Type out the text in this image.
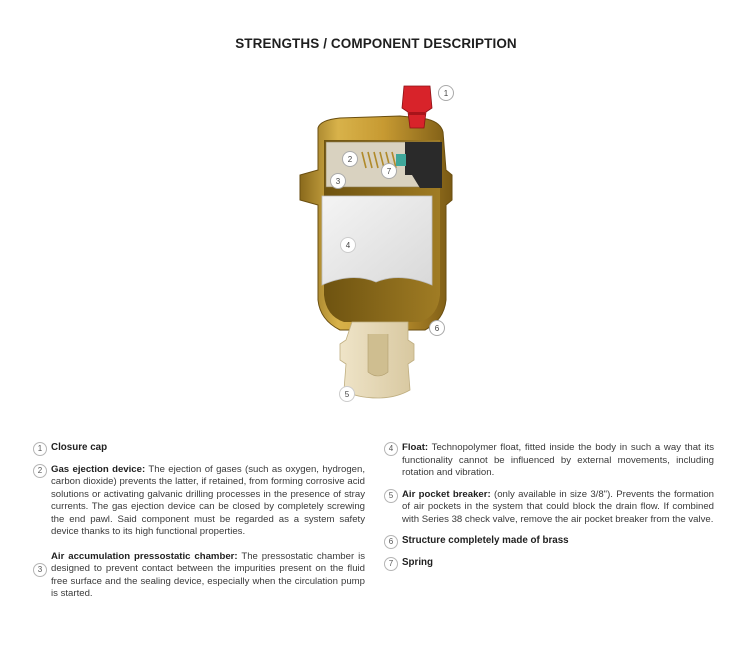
STRENGTHS / COMPONENT DESCRIPTION
1
2
3
4
5
6
7
1 Closure cap
2 Gas ejection device: The ejection of gases (such as oxygen, hydrogen, carbon dioxide) prevents the latter, if retained, from forming corrosive acid solutions or activating galvanic drilling processes in the presence of stray currents. The gas ejection device can be closed by completely screwing the end pawl. Said component must be regarded as a system safety device thanks to its high functional properties.
3
Air accumulation pressostatic chamber: The pressostatic chamber is designed to prevent contact between the impurities present on the fluid free surface and the sealing device, especially when the circulation pump is started.
4 Float: Technopolymer float, fitted inside the body in such a way that its functionality cannot be influenced by external movements, including rotation and vibration.
5 Air pocket breaker: (only available in size 3/8"). Prevents the formation of air pockets in the system that could block the drain flow. If combined with Series 38 check valve, remove the air pocket breaker from the valve.
6 Structure completely made of brass
7 Spring
